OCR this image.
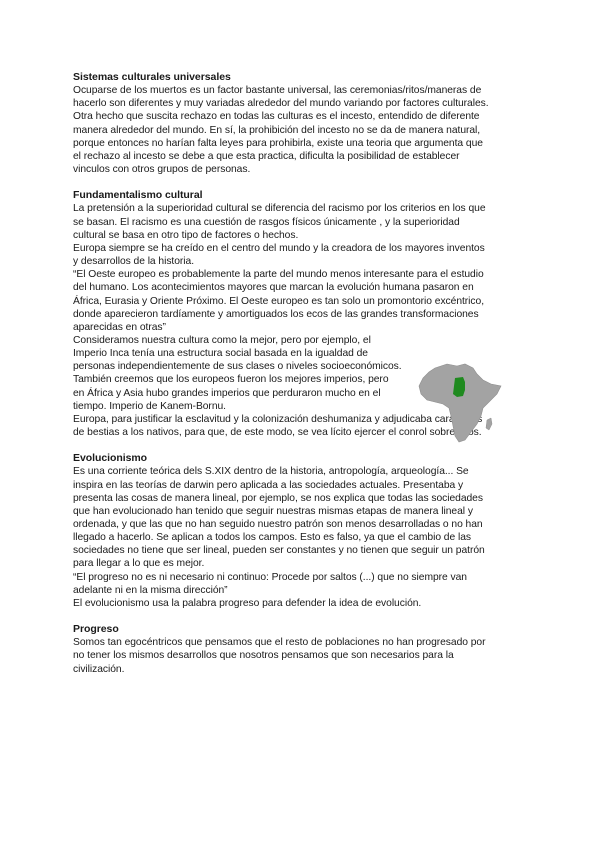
Sistemas culturales universales

Ocuparse de los muertos es un factor bastante universal, las ceremonias/ritos/maneras de

hacerlo son diferentes y muy variadas alrededor del mundo variando por factores culturales.

Otra hecho que suscita rechazo en todas las culturas es el incesto, entendido de diferente

manera alrededor del mundo. En sí, la prohibición del incesto no se da de manera natural,

porque entonces no harían falta leyes para prohibirla, existe una teoria que argumenta que

el rechazo al incesto se debe a que esta practica, dificulta la posibilidad de establecer

vinculos con otros grupos de personas.

Fundamentalismo cultural

La pretensión a la superioridad cultural se diferencia del racismo por los criterios en los que

se basan. El racismo es una cuestión de rasgos físicos únicamente , y la superioridad

cultural se basa en otro tipo de factores o hechos.

Europa siempre se ha creído en el centro del mundo y la creadora de los mayores inventos

y desarrollos de la historia.

“El Oeste europeo es probablemente la parte del mundo menos interesante para el estudio

del humano. Los acontecimientos mayores que marcan la evolución humana pasaron en

África, Eurasia y Oriente Próximo. El Oeste europeo es tan solo un promontorio excéntrico,

donde aparecieron tardíamente y amortiguados los ecos de las grandes transformaciones

aparecidas en otras”

Consideramos nuestra cultura como la mejor, pero por ejemplo, el

Imperio Inca tenía una estructura social basada en la igualdad de

personas independientemente de sus clases o niveles socioeconómicos.

También creemos que los europeos fueron los mejores imperios, pero

en África y Asia hubo grandes imperios que perduraron mucho en el

tiempo. Imperio de Kanem-Bornu.

Europa, para justificar la esclavitud y la colonización deshumaniza y adjudicaba caracteres

de bestias a los nativos, para que, de este modo, se vea lícito ejercer el conrol sobre ellos.

Evolucionismo

Es una corriente teórica dels S.XIX dentro de la historia, antropología, arqueología... Se

inspira en las teorías de darwin pero aplicada a las sociedades actuales. Presentaba y

presenta las cosas de manera lineal, por ejemplo, se nos explica que todas las sociedades

que han evolucionado han tenido que seguir nuestras mismas etapas de manera lineal y

ordenada, y que las que no han seguido nuestro patrón son menos desarrolladas o no han

llegado a hacerlo. Se aplican a todos los campos. Esto es falso, ya que el cambio de las

sociedades no tiene que ser lineal, pueden ser constantes y no tienen que seguir un patrón

para llegar a lo que es mejor.

“El progreso no es ni necesario ni continuo: Procede por saltos (...) que no siempre van

adelante ni en la misma dirección”

El evolucionismo usa la palabra progreso para defender la idea de evolución.

Progreso

Somos tan egocéntricos que pensamos que el resto de poblaciones no han progresado por

no tener los mismos desarrollos que nosotros pensamos que son necesarios para la

civilización.
